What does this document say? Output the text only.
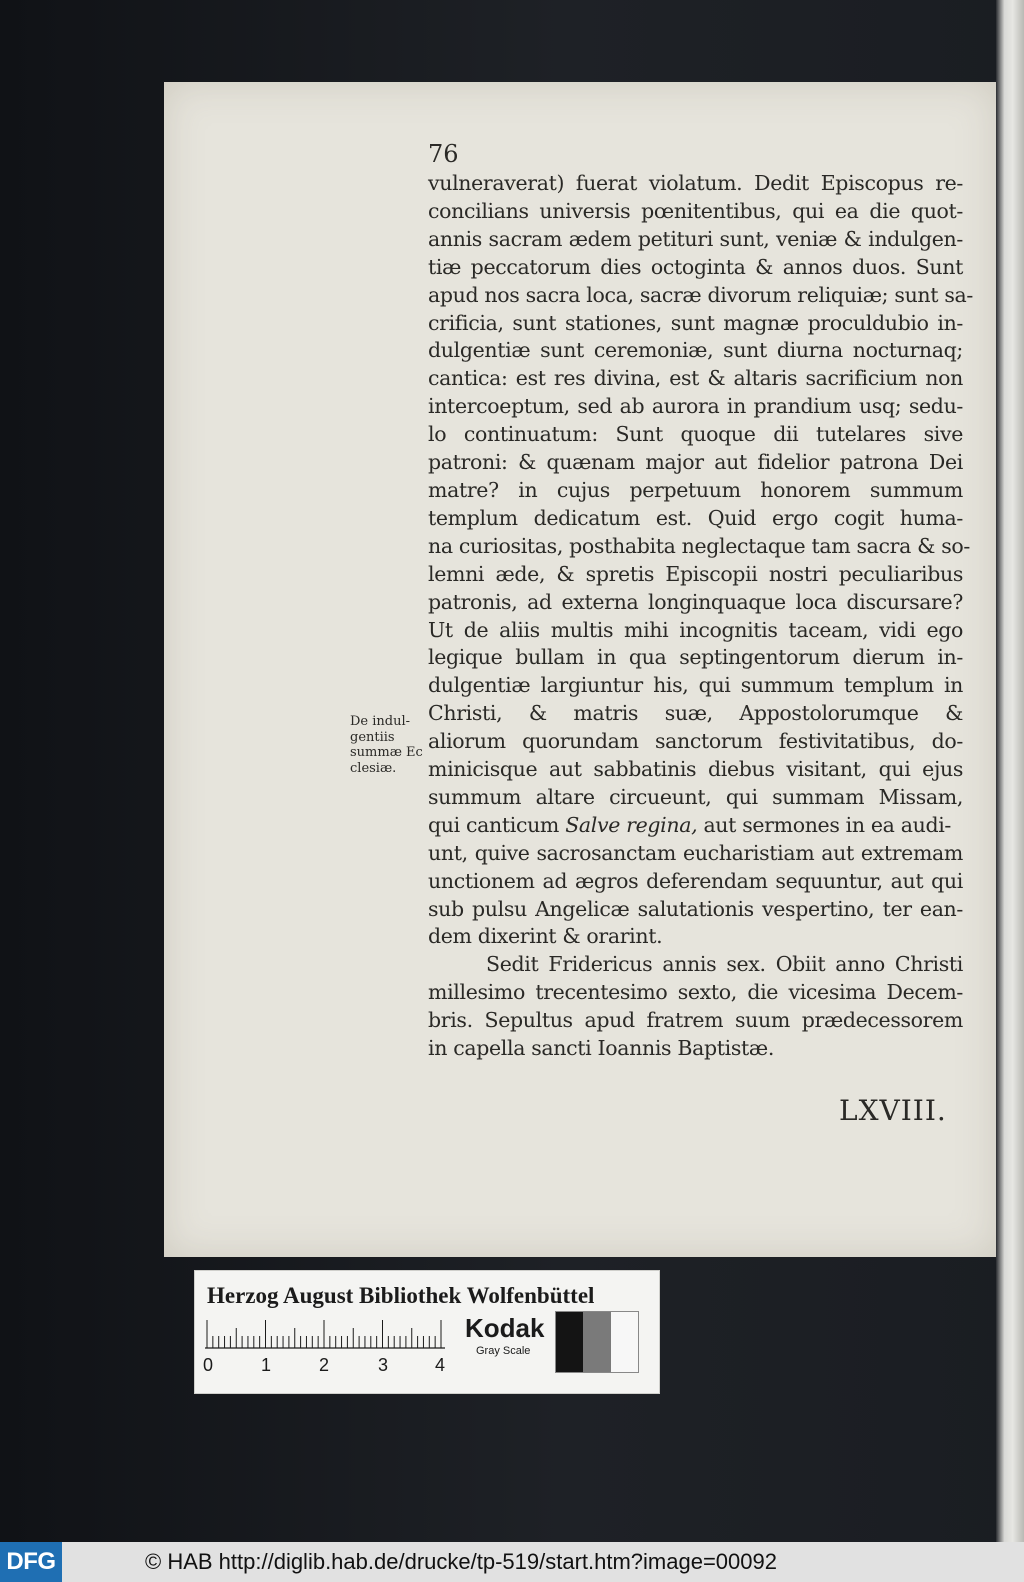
76
De indul-
gentiis
summæ Ec
clesiæ.
vulneraverat) fuerat violatum. Dedit Episcopus re-
concilians universis pœnitentibus, qui ea die quot-
annis sacram ædem petituri sunt, veniæ & indulgen-
tiæ peccatorum dies octoginta & annos duos. Sunt
apud nos sacra loca, sacræ divorum reliquiæ; sunt sa-
crificia, sunt stationes, sunt magnæ proculdubio in-
dulgentiæ sunt ceremoniæ, sunt diurna nocturnaq;
cantica: est res divina, est & altaris sacrificium non
intercoeptum, sed ab aurora in prandium usq; sedu-
lo continuatum: Sunt quoque dii tutelares sive
patroni: & quænam major aut fidelior patrona Dei
matre? in cujus perpetuum honorem summum
templum dedicatum est. Quid ergo cogit huma-
na curiositas, posthabita neglectaque tam sacra & so-
lemni æde, & spretis Episcopii nostri peculiaribus
patronis, ad externa longinquaque loca discursare?
Ut de aliis multis mihi incognitis taceam, vidi ego
legique bullam in qua septingentorum dierum in-
dulgentiæ largiuntur his, qui summum templum in
Christi, & matris suæ, Appostolorumque &
aliorum quorundam sanctorum festivitatibus, do-
minicisque aut sabbatinis diebus visitant, qui ejus
summum altare circueunt, qui summam Missam,
qui canticum Salve regina, aut sermones in ea audi-
unt, quive sacrosanctam eucharistiam aut extremam
unctionem ad ægros deferendam sequuntur, aut qui
sub pulsu Angelicæ salutationis vespertino, ter ean-
dem dixerint & orarint.
Sedit Fridericus annis sex. Obiit anno Christi
millesimo trecentesimo sexto, die vicesima Decem-
bris. Sepultus apud fratrem suum prædecessorem
in capella sancti Ioannis Baptistæ.
LXVIII.
Herzog August Bibliothek Wolfenbüttel
0	1	2	3	4
Kodak
Gray Scale
DFG	© HAB http://diglib.hab.de/drucke/tp-519/start.htm?image=00092
